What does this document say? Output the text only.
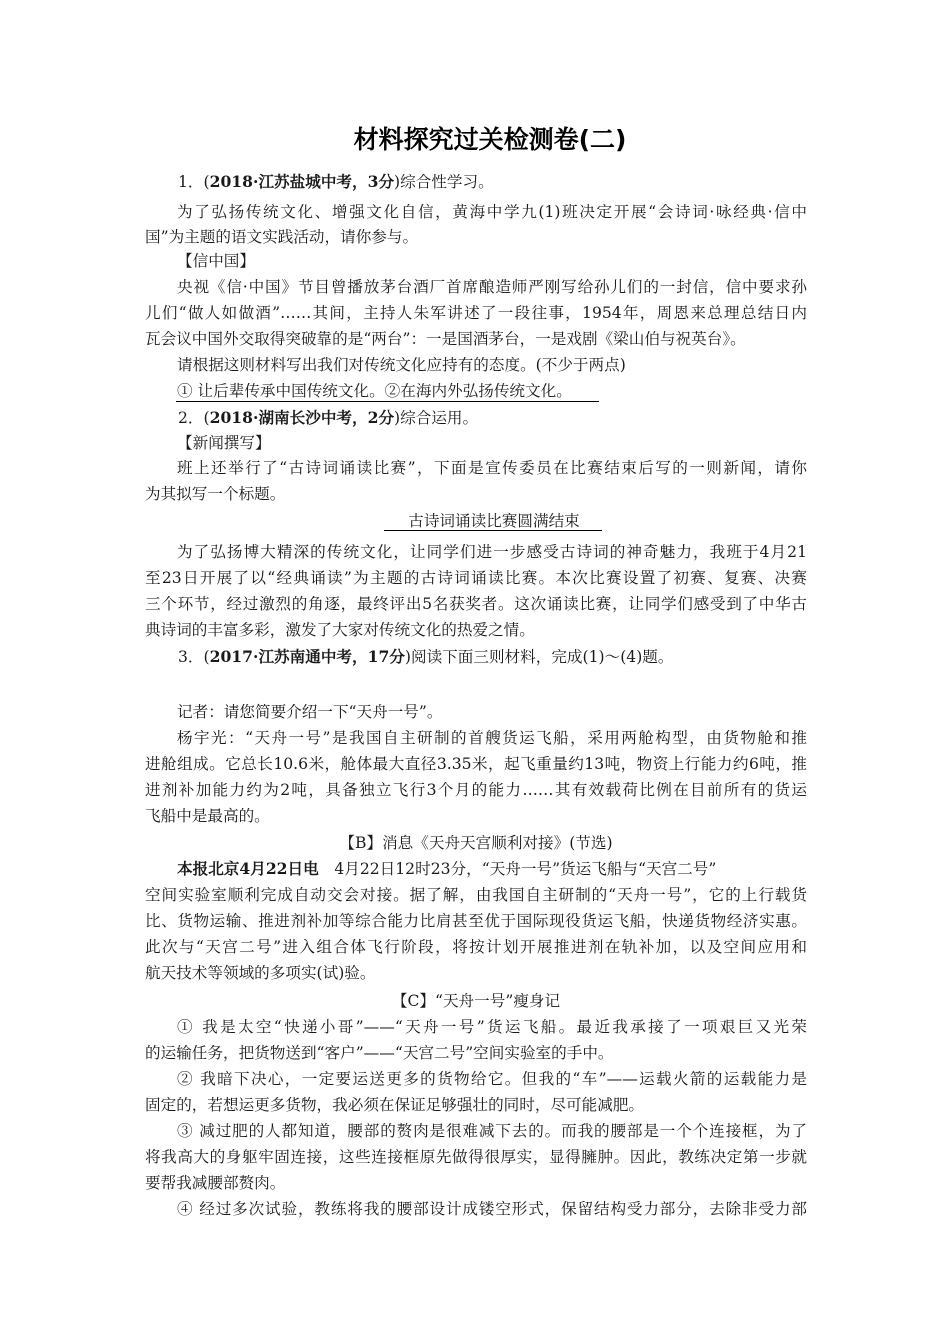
材料探究过关检测卷(二)
1．(2018·江苏盐城中考，3分)综合性学习。
为了弘扬传统文化、增强文化自信，黄海中学九(1)班决定开展“会诗词·咏经典·信中
国”为主题的语文实践活动，请你参与。
【信中国】
央视《信·中国》节目曾播放茅台酒厂首席酿造师严刚写给孙儿们的一封信，信中要求孙
儿们“做人如做酒”……其间，主持人朱军讲述了一段往事，1954年，周恩来总理总结日内
瓦会议中国外交取得突破靠的是“两台”：一是国酒茅台，一是戏剧《梁山伯与祝英台》。
请根据这则材料写出我们对传统文化应持有的态度。(不少于两点)
① 让后辈传承中国传统文化。②在海内外弘扬传统文化。
2．(2018·湖南长沙中考，2分)综合运用。
【新闻撰写】
班上还举行了“古诗词诵读比赛”，下面是宣传委员在比赛结束后写的一则新闻，请你
为其拟写一个标题。
古诗词诵读比赛圆满结束
为了弘扬博大精深的传统文化，让同学们进一步感受古诗词的神奇魅力，我班于4月21
至23日开展了以“经典诵读”为主题的古诗词诵读比赛。本次比赛设置了初赛、复赛、决赛
三个环节，经过激烈的角逐，最终评出5名获奖者。这次诵读比赛，让同学们感受到了中华古
典诗词的丰富多彩，激发了大家对传统文化的热爱之情。
3．(2017·江苏南通中考，17分)阅读下面三则材料，完成(1)～(4)题。
记者：请您简要介绍一下“天舟一号”。
杨宇光：“天舟一号”是我国自主研制的首艘货运飞船，采用两舱构型，由货物舱和推
进舱组成。它总长10.6米，舱体最大直径3.35米，起飞重量约13吨，物资上行能力约6吨，推
进剂补加能力约为2吨，具备独立飞行3个月的能力……其有效载荷比例在目前所有的货运
飞船中是最高的。
【B】消息《天舟天宫顺利对接》(节选)
本报北京4月22日电　4月22日12时23分，“天舟一号”货运飞船与“天宫二号”
空间实验室顺利完成自动交会对接。据了解，由我国自主研制的“天舟一号”，它的上行载货
比、货物运输、推进剂补加等综合能力比肩甚至优于国际现役货运飞船，快递货物经济实惠。
此次与“天宫二号”进入组合体飞行阶段，将按计划开展推进剂在轨补加，以及空间应用和
航天技术等领域的多项实(试)验。
【C】“天舟一号”瘦身记
① 我是太空“快递小哥”——“天舟一号”货运飞船。最近我承接了一项艰巨又光荣
的运输任务，把货物送到“客户”——“天宫二号”空间实验室的手中。
② 我暗下决心，一定要运送更多的货物给它。但我的“车”——运载火箭的运载能力是
固定的，若想运更多货物，我必须在保证足够强壮的同时，尽可能减肥。
③ 减过肥的人都知道，腰部的赘肉是很难减下去的。而我的腰部是一个个连接框，为了
将我高大的身躯牢固连接，这些连接框原先做得很厚实，显得臃肿。因此，教练决定第一步就
要帮我减腰部赘肉。
④ 经过多次试验，教练将我的腰部设计成镂空形式，保留结构受力部分，去除非受力部
